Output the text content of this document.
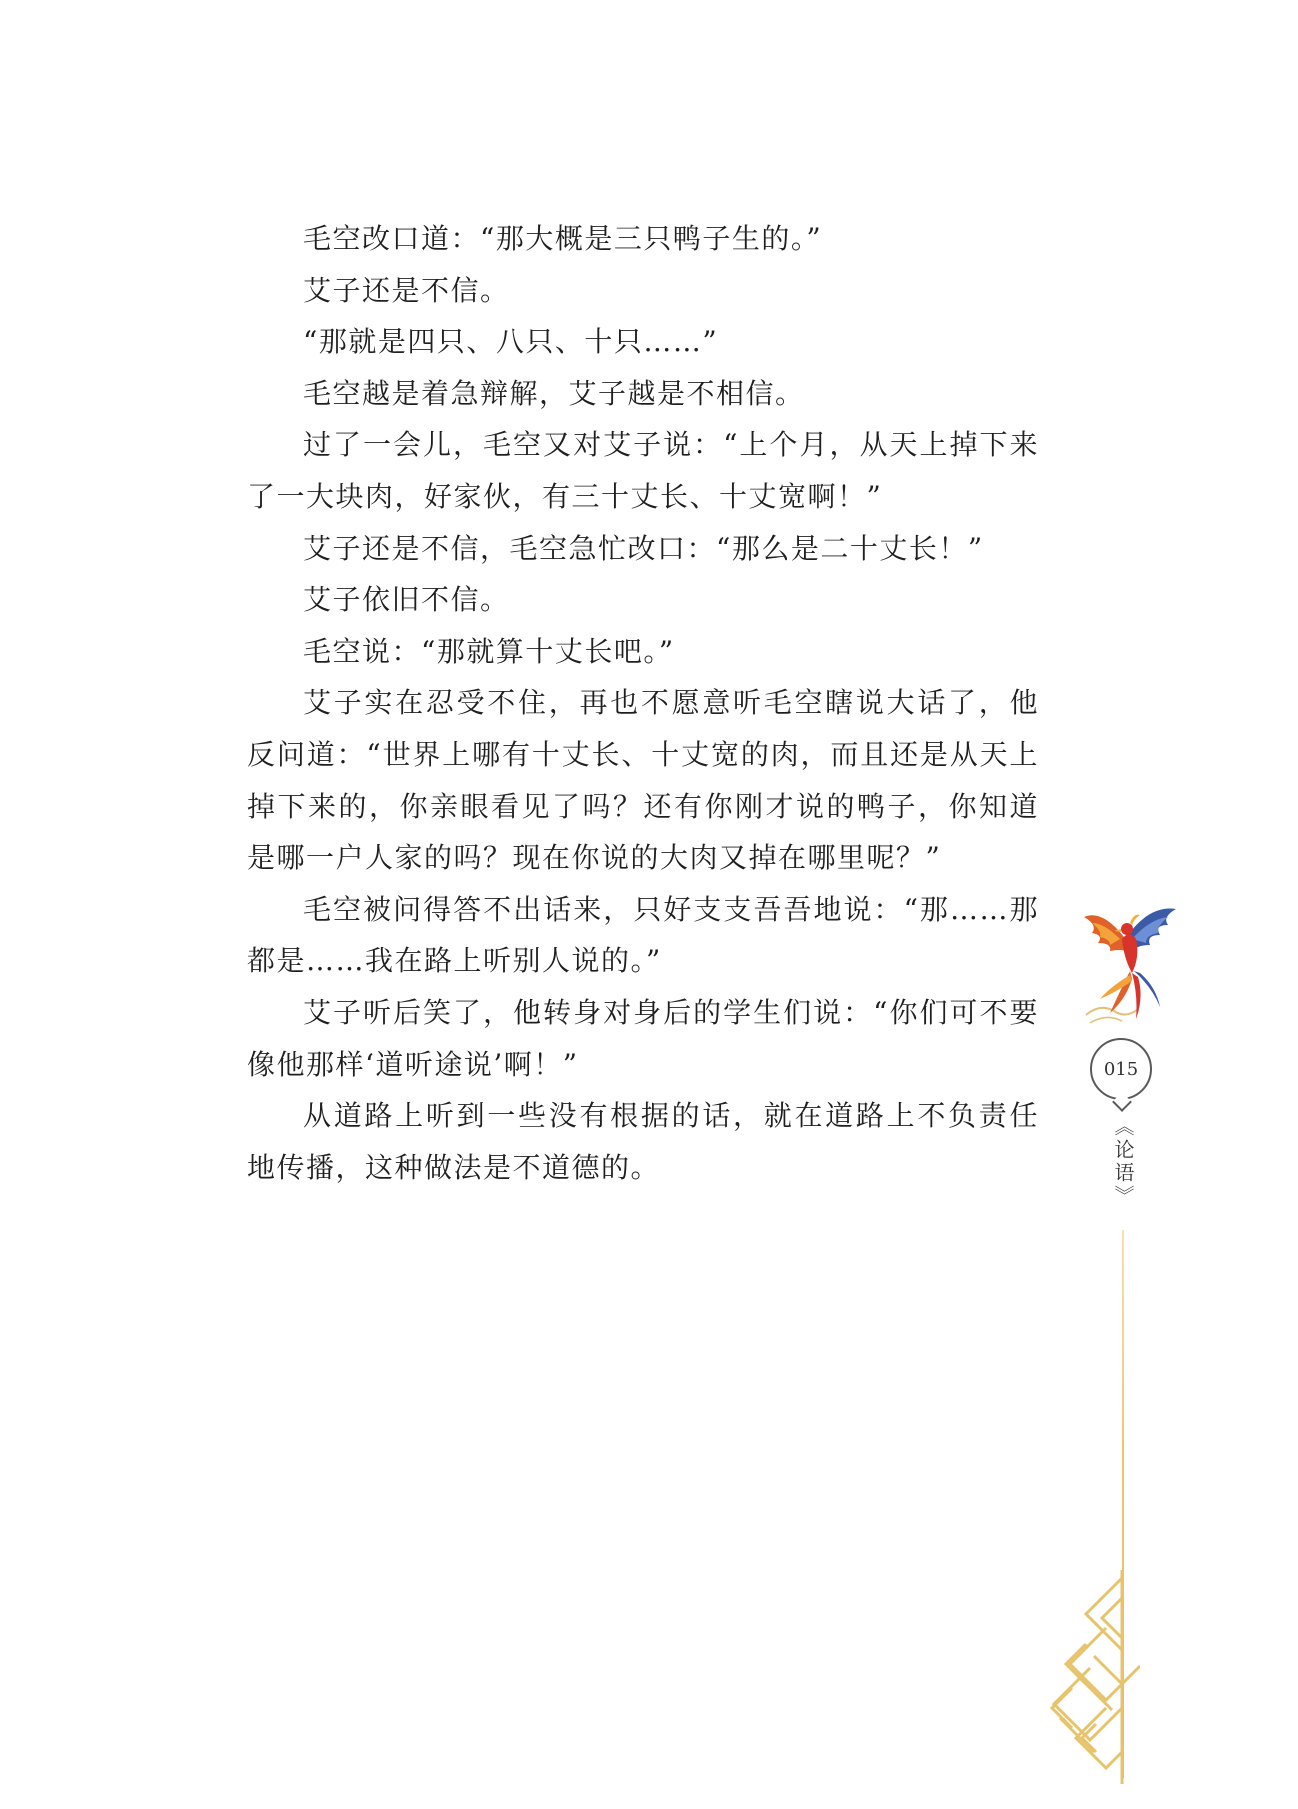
毛空改口道：“那大概是三只鸭子生的。”

艾子还是不信。

“那就是四只、八只、十只……”

毛空越是着急辩解，艾子越是不相信。

过了一会儿，毛空又对艾子说：“上个月，从天上掉下来了一大块肉，好家伙，有三十丈长、十丈宽啊！”

艾子还是不信，毛空急忙改口：“那么是二十丈长！”

艾子依旧不信。

毛空说：“那就算十丈长吧。”

艾子实在忍受不住，再也不愿意听毛空瞎说大话了，他反问道：“世界上哪有十丈长、十丈宽的肉，而且还是从天上掉下来的，你亲眼看见了吗？还有你刚才说的鸭子，你知道是哪一户人家的吗？现在你说的大肉又掉在哪里呢？”

毛空被问得答不出话来，只好支支吾吾地说：“那……那都是……我在路上听别人说的。”

艾子听后笑了，他转身对身后的学生们说：“你们可不要像他那样‘道听途说’啊！”

从道路上听到一些没有根据的话，就在道路上不负责任地传播，这种做法是不道德的。

015
《论语》
